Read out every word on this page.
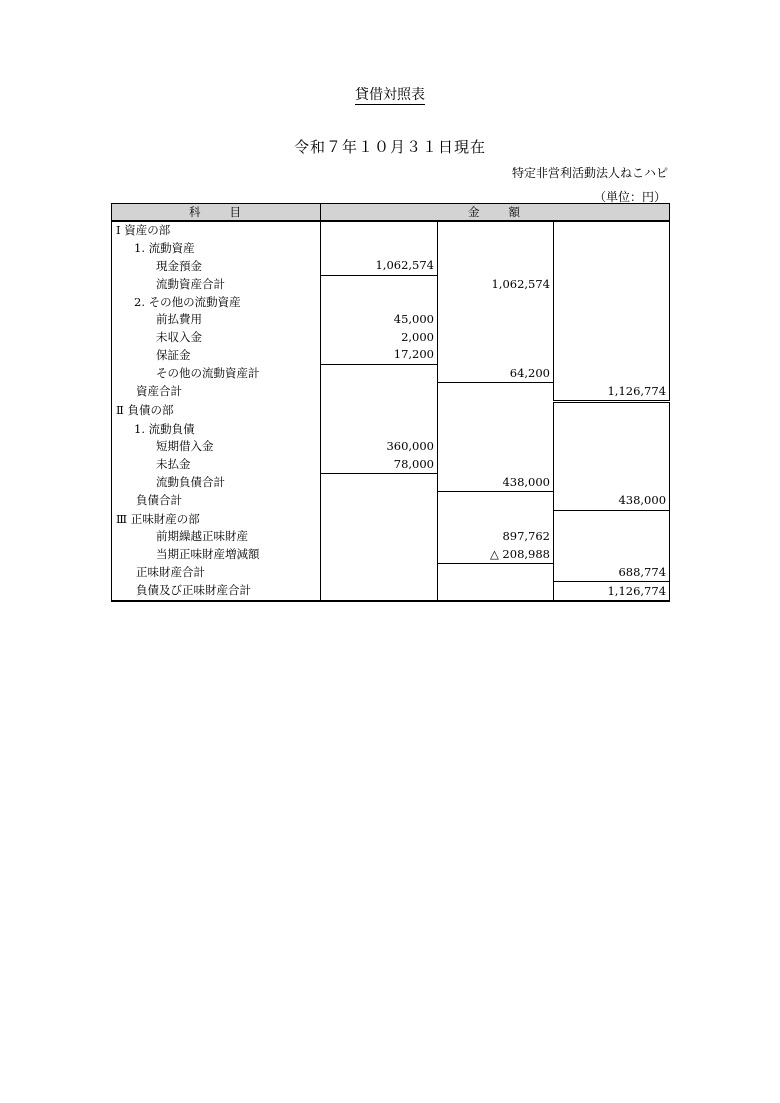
貸借対照表
令和７年１０月３１日現在
特定非営利活動法人ねこハピ
（単位：円）
科　　目	金　　額		
Ⅰ 資産の部			
1. 流動資産			
現金預金	1,062,574		
流動資産合計		1,062,574	
2. その他の流動資産			
前払費用	45,000		
未収入金	2,000		
保証金	17,200		
その他の流動資産計		64,200	
資産合計			1,126,774
Ⅱ 負債の部			
1. 流動負債			
短期借入金	360,000		
未払金	78,000		
流動負債合計		438,000	
負債合計			438,000
Ⅲ 正味財産の部			
前期繰越正味財産		897,762	
当期正味財産増減額		△ 208,988	
正味財産合計			688,774
負債及び正味財産合計			1,126,774
